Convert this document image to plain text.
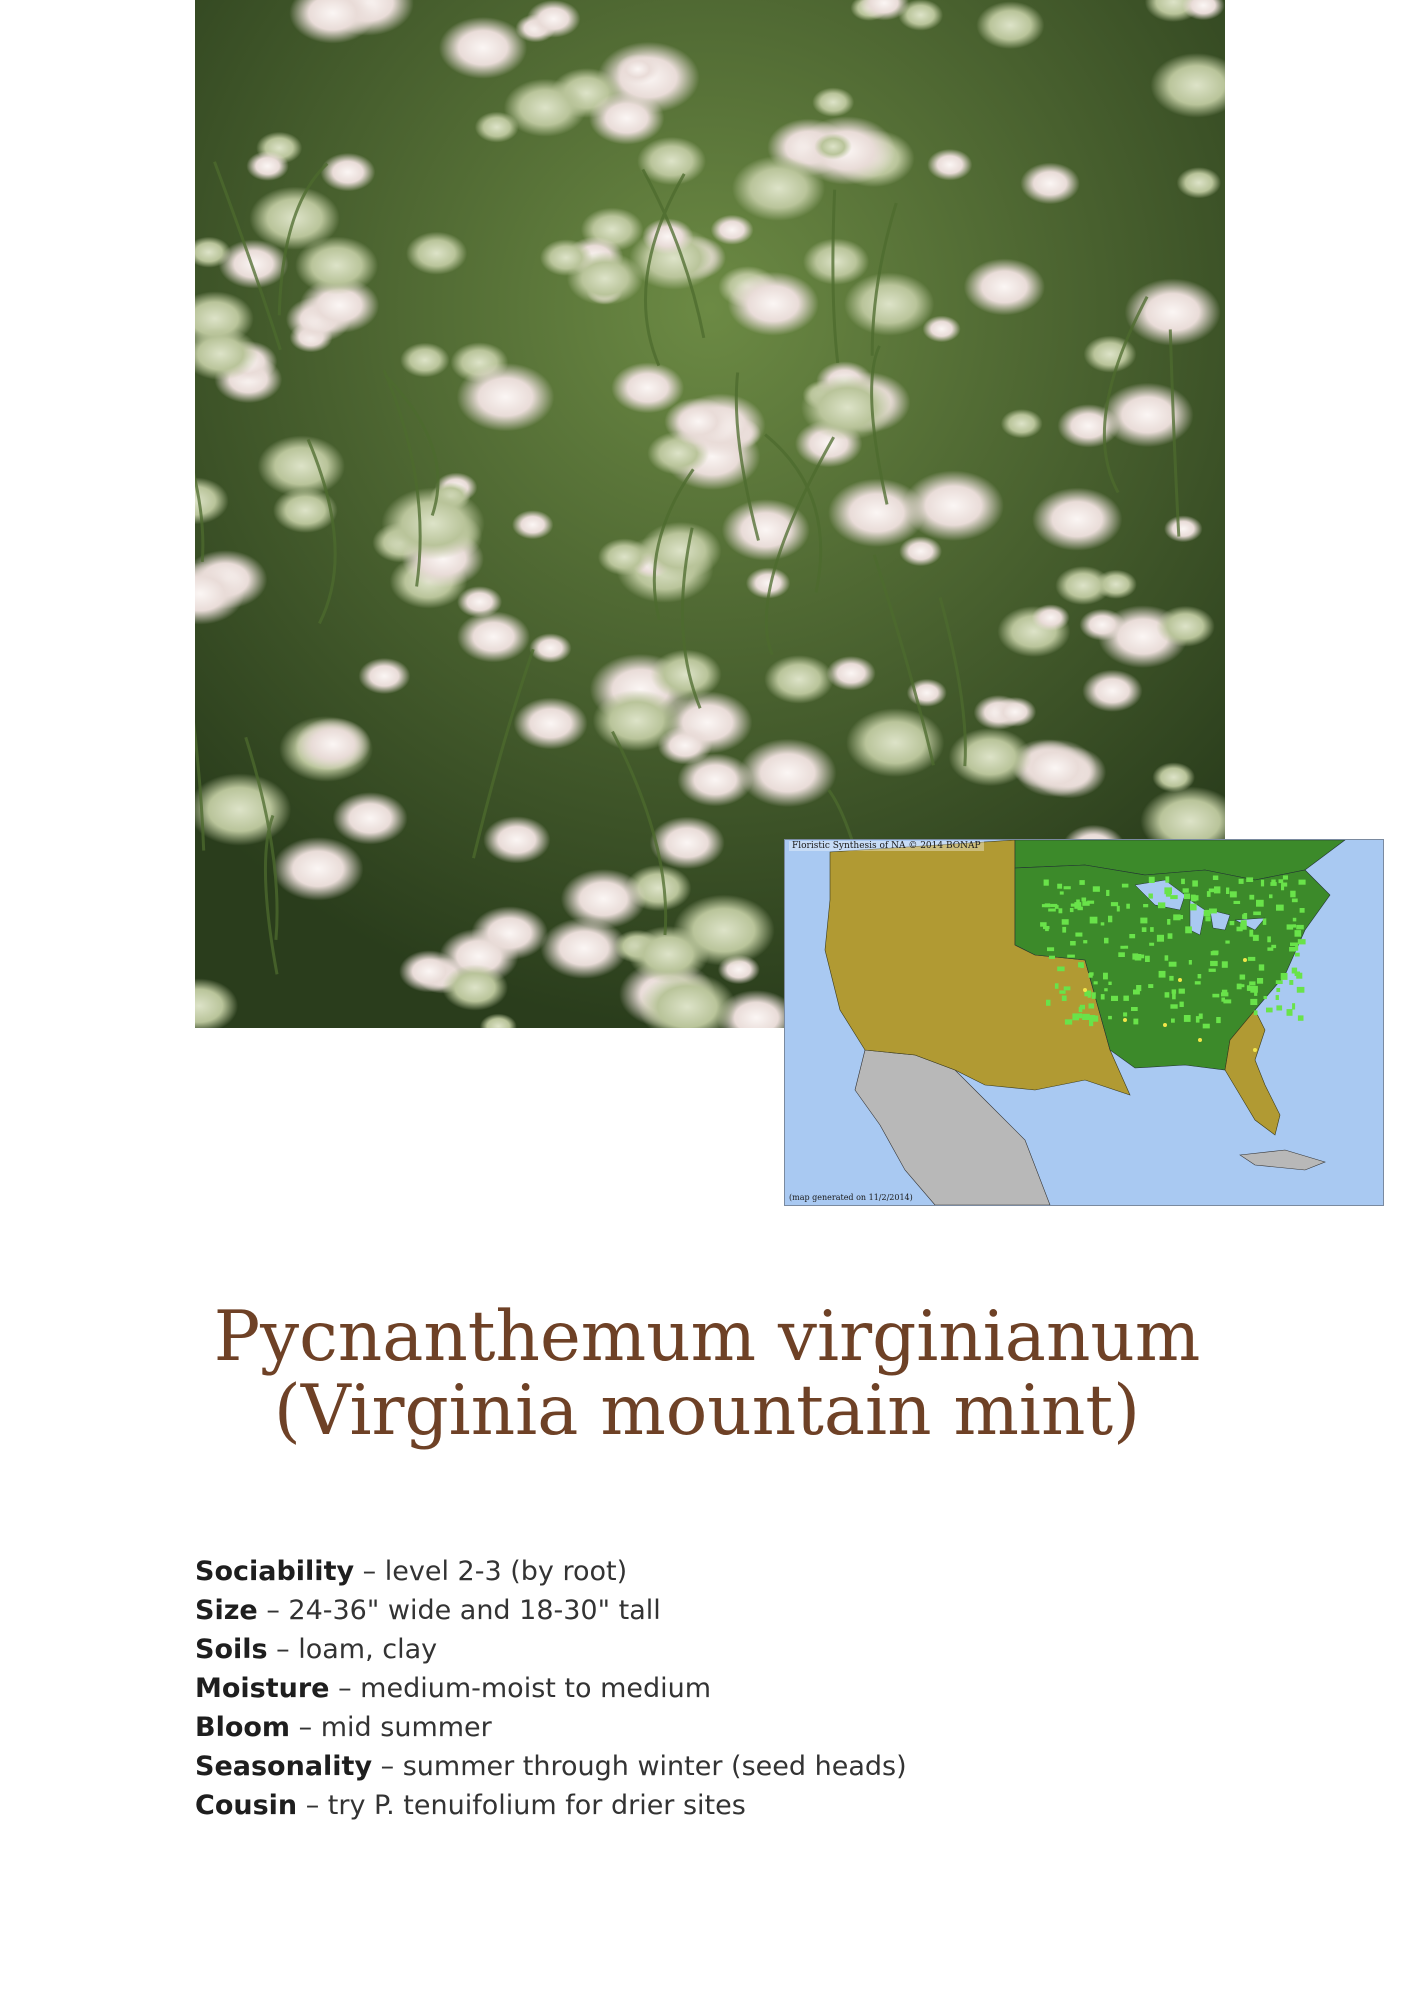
Floristic Synthesis of NA © 2014 BONAP
(map generated on 11/2/2014)
Pycnanthemum virginianum
(Virginia mountain mint)
Sociability – level 2-3 (by root)
Size – 24-36" wide and 18-30" tall
Soils – loam, clay
Moisture – medium-moist to medium
Bloom – mid summer
Seasonality – summer through winter (seed heads)
Cousin – try P. tenuifolium for drier sites
